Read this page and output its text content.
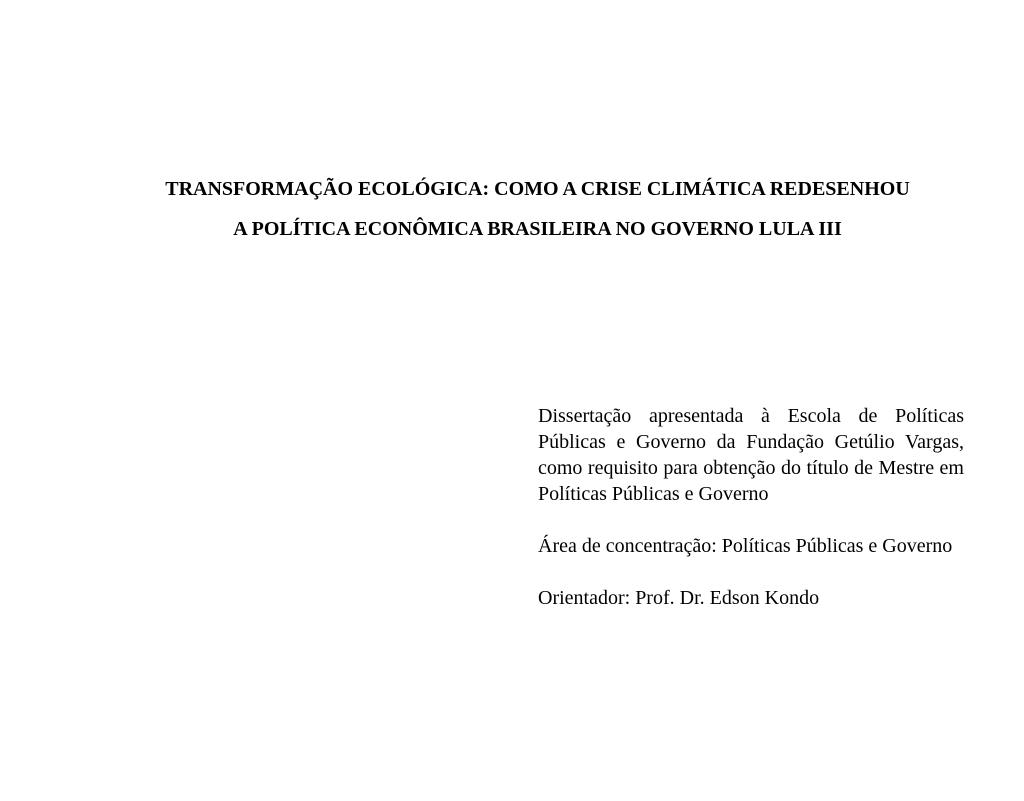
TRANSFORMAÇÃO ECOLÓGICA: COMO A CRISE CLIMÁTICA REDESENHOU
A POLÍTICA ECONÔMICA BRASILEIRA NO GOVERNO LULA III

Dissertação apresentada à Escola de Políticas Públicas e Governo da Fundação Getúlio Vargas, como requisito para obtenção do título de Mestre em Políticas Públicas e Governo

Área de concentração: Políticas Públicas e Governo

Orientador: Prof. Dr. Edson Kondo
